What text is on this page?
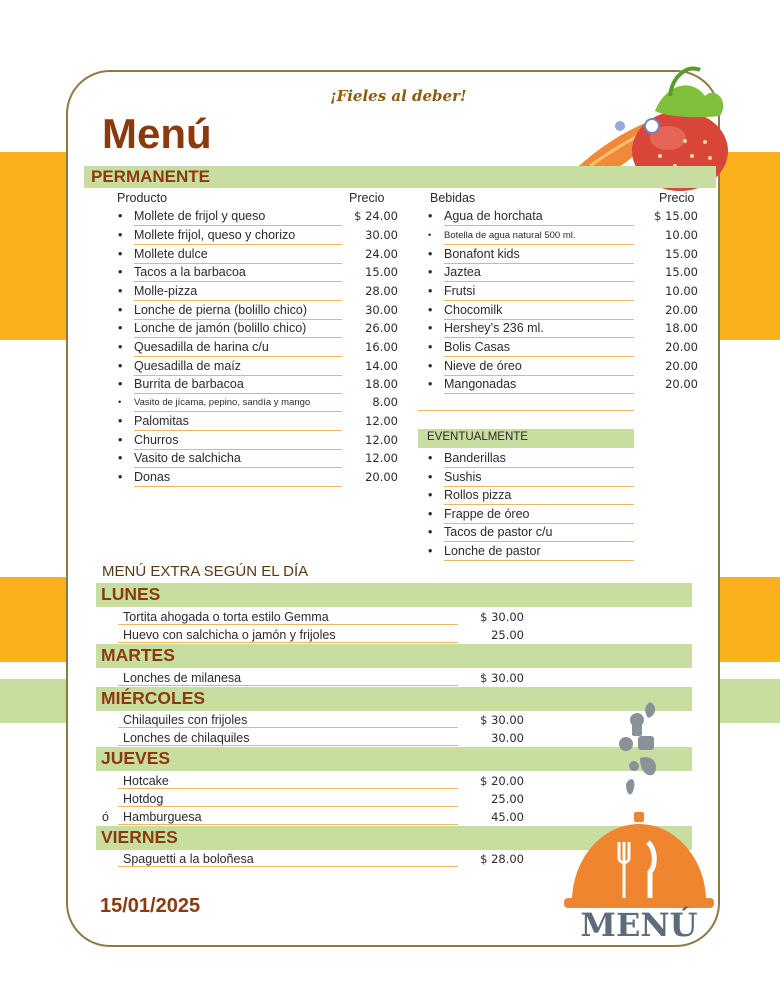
¡Fieles al deber!
Menú
PERMANENTE
Producto	Precio	Bebidas	Precio
• Mollete de frijol y queso	$ 24.00
• Mollete frijol, queso y chorizo	30.00
• Mollete dulce	24.00
• Tacos a la barbacoa	15.00
• Molle-pizza	28.00
• Lonche de pierna (bolillo chico)	30.00
• Lonche de jamón (bolillo chico)	26.00
• Quesadilla de harina c/u	16.00
• Quesadilla de maíz	14.00
• Burrita de barbacoa	18.00
• Vasito de jícama, pepino, sandía y mango	8.00
• Palomitas	12.00
• Churros	12.00
• Vasito de salchicha	12.00
• Donas	20.00
• Agua de horchata	$ 15.00
• Botella de agua natural 500 ml.	10.00
• Bonafont kids	15.00
• Jaztea	15.00
• Frutsi	10.00
• Chocomilk	20.00
• Hershey’s 236 ml.	18.00
• Bolis Casas	20.00
• Nieve de óreo	20.00
• Mangonadas	20.00
EVENTUALMENTE
• Banderillas
• Sushis
• Rollos pizza
• Frappe de óreo
• Tacos de pastor c/u
• Lonche de pastor
MENÚ EXTRA SEGÚN EL DÍA
LUNES
Tortita ahogada o torta estilo Gemma	$ 30.00
Huevo con salchicha o jamón y frijoles	25.00
MARTES
Lonches de milanesa	$ 30.00
MIÉRCOLES
Chilaquiles con frijoles	$ 30.00
Lonches de chilaquiles	30.00
JUEVES
Hotcake	$ 20.00
Hotdog	25.00
ó	Hamburguesa	45.00
VIERNES
Spaguetti a la boloñesa	$ 28.00
15/01/2025	MENÚ
